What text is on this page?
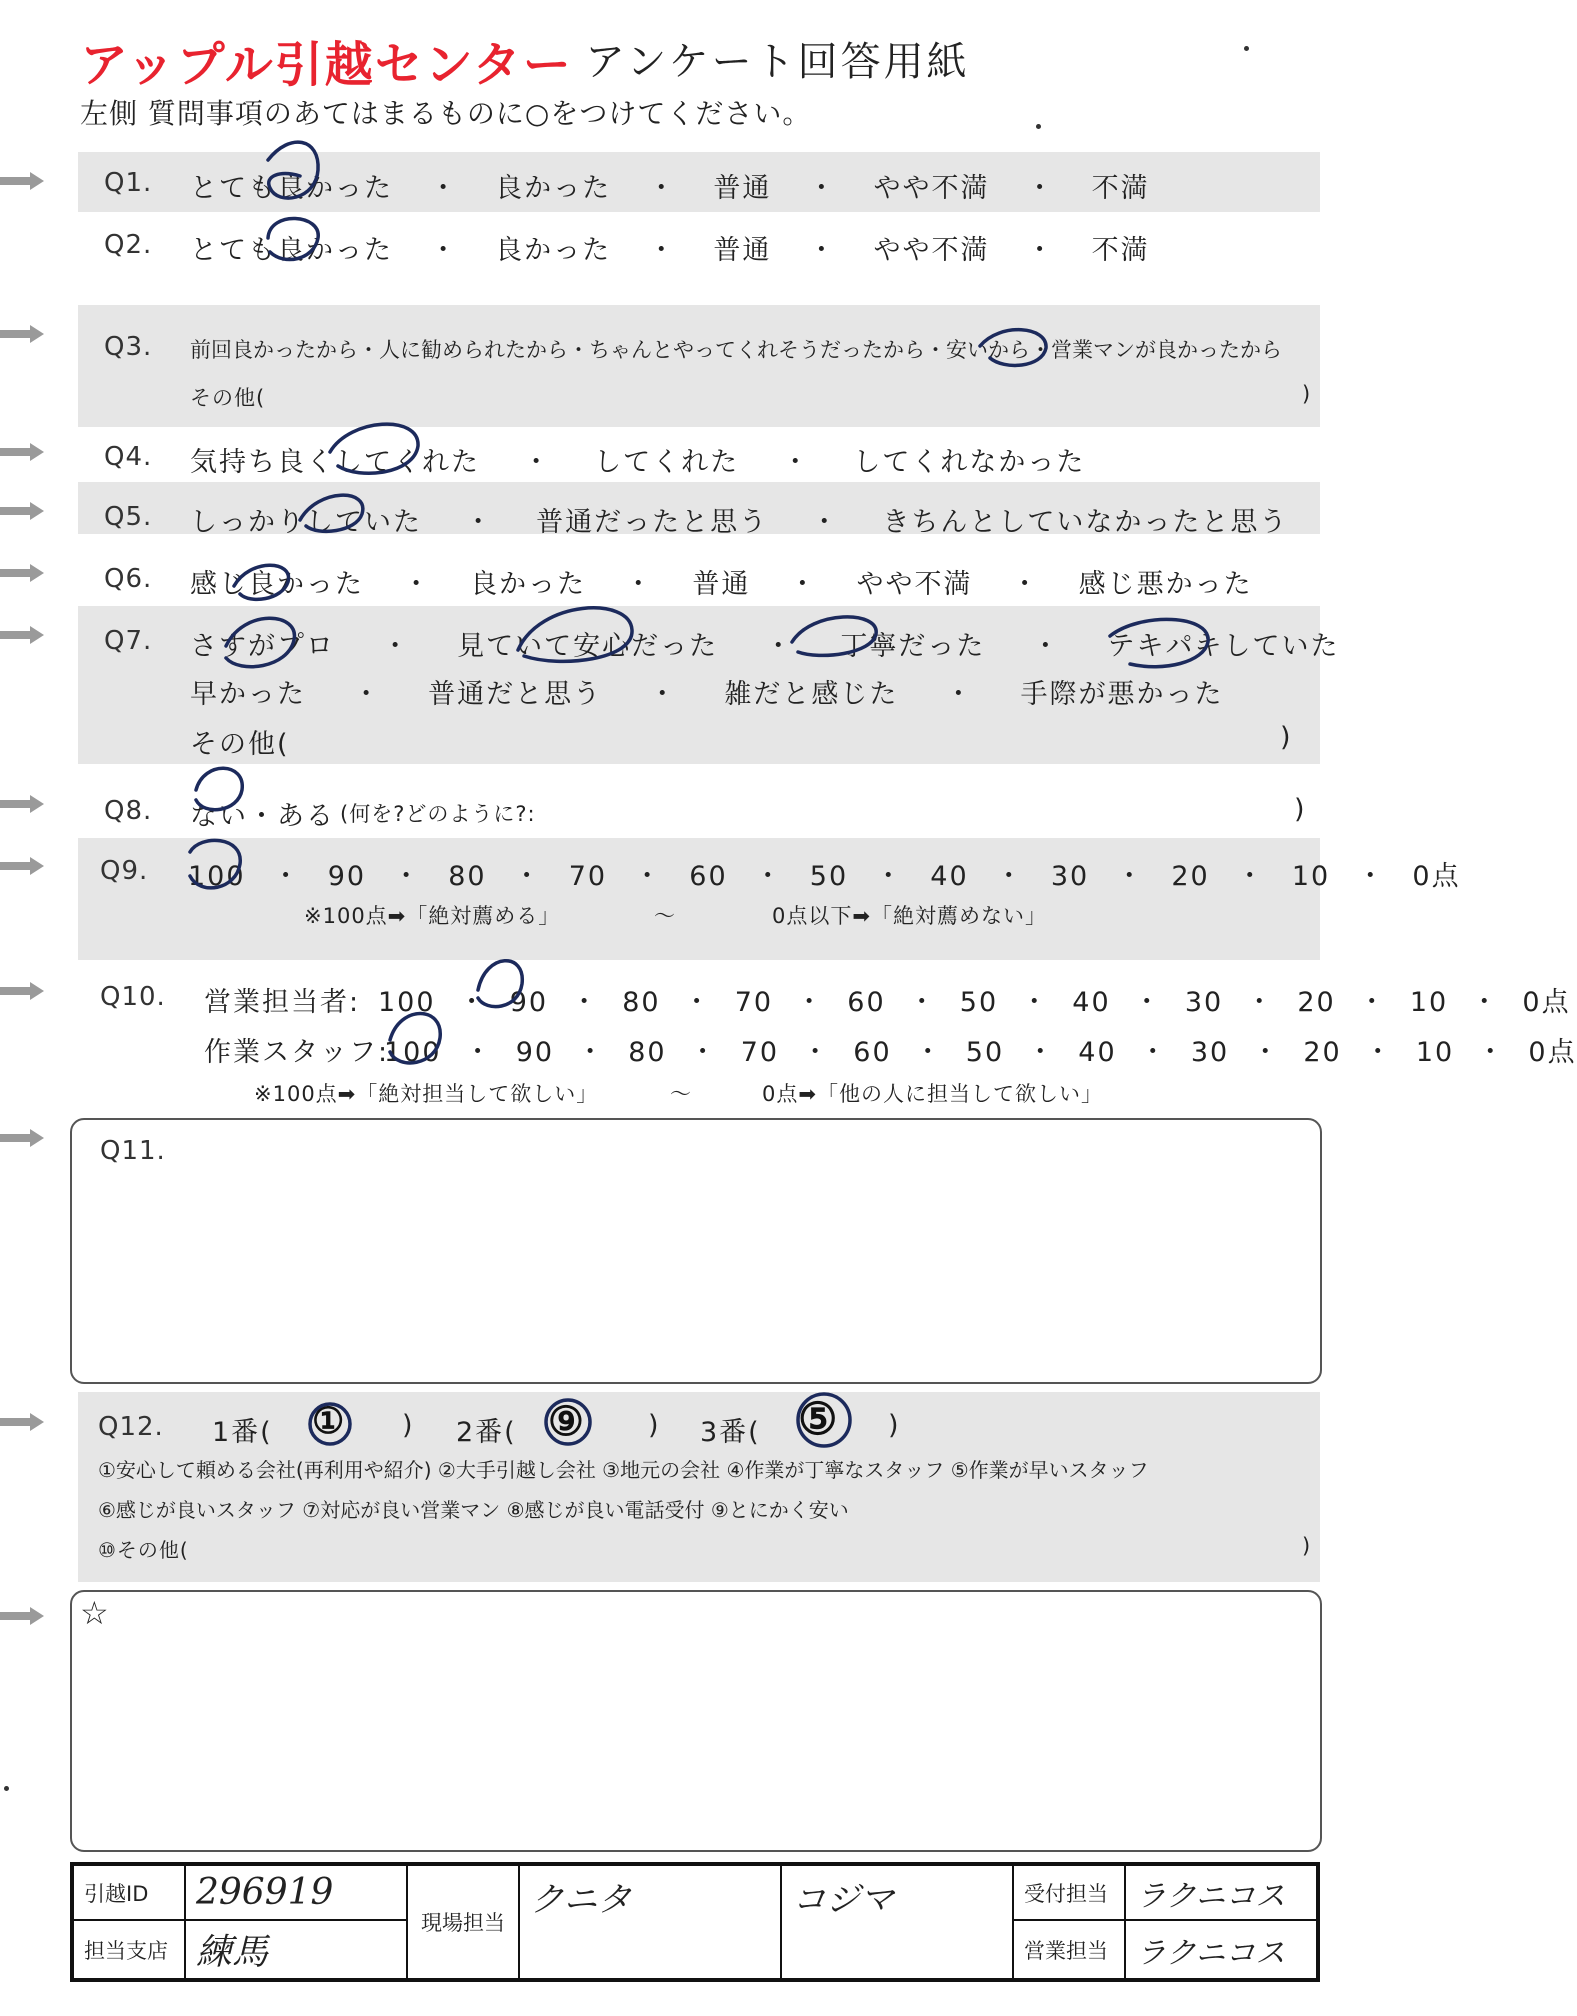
アップル引越センター アンケート回答用紙
左側 質問事項のあてはまるものに○をつけてください。
Q1. とても良かった ・ 良かった ・ 普通 ・ やや不満 ・ 不満
Q2. とても良かった ・ 良かった ・ 普通 ・ やや不満 ・ 不満
Q3. 前回良かったから・人に勧められたから・ちゃんとやってくれそうだったから・安いから・営業マンが良かったから
その他(	)
Q4. 気持ち良くしてくれた ・ してくれた ・ してくれなかった
Q5. しっかりしていた ・ 普通だったと思う ・ きちんとしていなかったと思う
Q6. 感じ良かった ・ 良かった ・ 普通 ・ やや不満 ・ 感じ悪かった
Q7. さすがプロ ・ 見ていて安心だった ・ 丁寧だった ・ テキパキしていた
早かった ・ 普通だと思う ・ 雑だと感じた ・ 手際が悪かった
その他(	)
Q8. ない・ある (何を?どのように?:	)
Q9. 100 ・ 90 ・ 80 ・ 70 ・ 60 ・ 50 ・ 40 ・ 30 ・ 20 ・ 10 ・ 0点
※100点➡「絶対薦める」	～	0点以下➡「絶対薦めない」
Q10. 営業担当者: 100 ・ 90 ・ 80 ・ 70 ・ 60 ・ 50 ・ 40 ・ 30 ・ 20 ・ 10 ・ 0点
作業スタッフ:
100 ・ 90 ・ 80 ・ 70 ・ 60 ・ 50 ・ 40 ・ 30 ・ 20 ・ 10 ・ 0点
※100点➡「絶対担当して欲しい」	～	0点➡「他の人に担当して欲しい」
Q11.
Q12. 1番( ① ) 2番( ⑨ ) 3番( ⑤ )
①安心して頼める会社(再利用や紹介) ②大手引越し会社 ③地元の会社 ④作業が丁寧なスタッフ ⑤作業が早いスタッフ
⑥感じが良いスタッフ ⑦対応が良い営業マン ⑧感じが良い電話受付 ⑨とにかく安い
⑩その他(	)
☆
引越ID	296919	現場担当	クニタ	コジマ	受付担当	ラクニコス
担当支店	練馬				営業担当	ラクニコス
